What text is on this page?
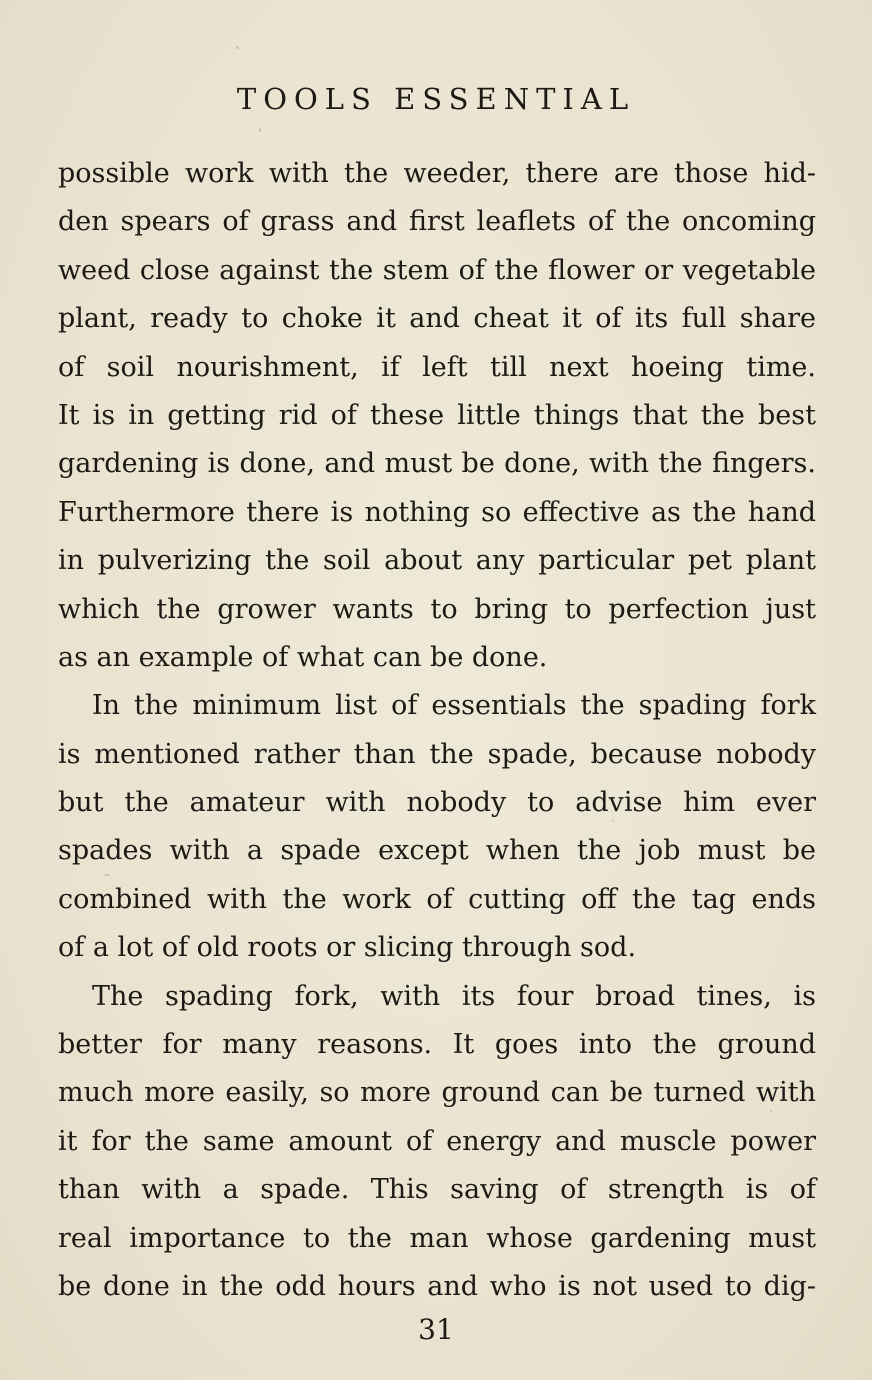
TOOLS ESSENTIAL
possible work with the weeder, there are those hid-
den spears of grass and first leaflets of the oncoming
weed close against the stem of the flower or vegetable
plant, ready to choke it and cheat it of its full share
of soil nourishment, if left till next hoeing time.
It is in getting rid of these little things that the best
gardening is done, and must be done, with the fingers.
Furthermore there is nothing so effective as the hand
in pulverizing the soil about any particular pet plant
which the grower wants to bring to perfection just
as an example of what can be done.
In the minimum list of essentials the spading fork
is mentioned rather than the spade, because nobody
but the amateur with nobody to advise him ever
spades with a spade except when the job must be
combined with the work of cutting off the tag ends
of a lot of old roots or slicing through sod.
The spading fork, with its four broad tines, is
better for many reasons. It goes into the ground
much more easily, so more ground can be turned with
it for the same amount of energy and muscle power
than with a spade. This saving of strength is of
real importance to the man whose gardening must
be done in the odd hours and who is not used to dig-
31
